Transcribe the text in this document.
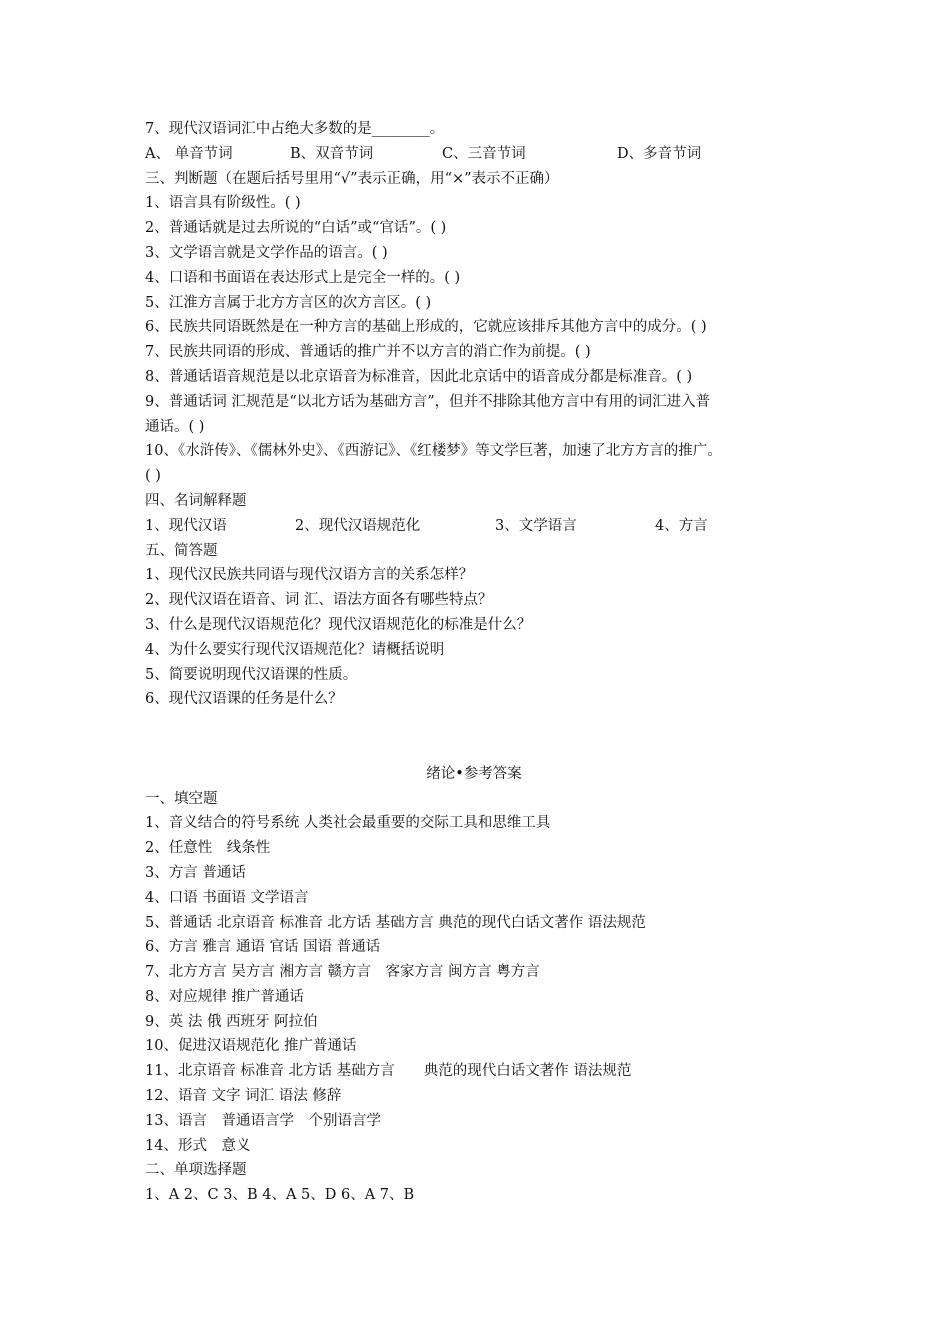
7、现代汉语词汇中占绝大多数的是________。
A、 单音节词	B、双音节词	C、三音节词	D、多音节词
三、判断题（在题后括号里用“√”表示正确，用“×”表示不正确）
1、语言具有阶级性。( )
2、普通话就是过去所说的“白话”或“官话”。( )
3、文学语言就是文学作品的语言。( )
4、口语和书面语在表达形式上是完全一样的。( )
5、江淮方言属于北方方言区的次方言区。( )
6、民族共同语既然是在一种方言的基础上形成的，它就应该排斥其他方言中的成分。( )
7、民族共同语的形成、普通话的推广并不以方言的消亡作为前提。( )
8、普通话语音规范是以北京语音为标准音，因此北京话中的语音成分都是标准音。( )
9、普通话词 汇规范是“以北方话为基础方言”，但并不排除其他方言中有用的词汇进入普
通话。( )
10、《水浒传》、《儒林外史》、《西游记》、《红楼梦》等文学巨著，加速了北方方言的推广。
( )
四、名词解释题
1、现代汉语	2、现代汉语规范化	3、文学语言	4、方言
五、简答题
1、现代汉民族共同语与现代汉语方言的关系怎样？
2、现代汉语在语音、词 汇、语法方面各有哪些特点？
3、什么是现代汉语规范化？现代汉语规范化的标准是什么？
4、为什么要实行现代汉语规范化？请概括说明
5、简要说明现代汉语课的性质。
6、现代汉语课的任务是什么？
绪论•参考答案
一、填空题
1、音义结合的符号系统 人类社会最重要的交际工具和思维工具
2、任意性　线条性
3、方言 普通话
4、口语 书面语 文学语言
5、普通话 北京语音 标准音 北方话 基础方言 典范的现代白话文著作 语法规范
6、方言 雅言 通语 官话 国语 普通话
7、北方方言 吴方言 湘方言 赣方言　客家方言 闽方言 粤方言
8、对应规律 推广普通话
9、英 法 俄 西班牙 阿拉伯
10、促进汉语规范化 推广普通话
11、北京语音 标准音 北方话 基础方言　　典范的现代白话文著作 语法规范
12、语音 文字 词汇 语法 修辞
13、语言　普通语言学　个别语言学
14、形式　意义
二、单项选择题
1、A 2、C 3、B 4、A 5、D 6、A 7、B
